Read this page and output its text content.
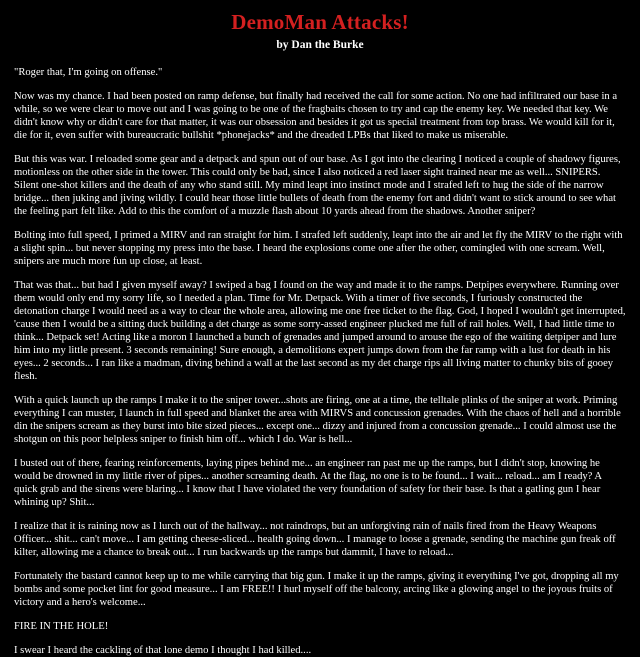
DemoMan Attacks!
by Dan the Burke

"Roger that, I'm going on offense."

Now was my chance. I had been posted on ramp defense, but finally had received the call for some action. No one had infiltrated our base in a while, so we were clear to move out and I was going to be one of the fragbaits chosen to try and cap the enemy key. We needed that key. We didn't know why or didn't care for that matter, it was our obsession and besides it got us special treatment from top brass. We would kill for it, die for it, even suffer with bureaucratic bullshit *phonejacks* and the dreaded LPBs that liked to make us miserable.

But this was war. I reloaded some gear and a detpack and spun out of our base. As I got into the clearing I noticed a couple of shadowy figures, motionless on the other side in the tower. This could only be bad, since I also noticed a red laser sight trained near me as well... SNIPERS. Silent one-shot killers and the death of any who stand still. My mind leapt into instinct mode and I strafed left to hug the side of the narrow bridge... then juking and jiving wildly. I could hear those little bullets of death from the enemy fort and didn't want to stick around to see what the feeling part felt like. Add to this the comfort of a muzzle flash about 10 yards ahead from the shadows. Another sniper?

Bolting into full speed, I primed a MIRV and ran straight for him. I strafed left suddenly, leapt into the air and let fly the MIRV to the right with a slight spin... but never stopping my press into the base. I heard the explosions come one after the other, comingled with one scream. Well, snipers are much more fun up close, at least.

That was that... but had I given myself away? I swiped a bag I found on the way and made it to the ramps. Detpipes everywhere. Running over them would only end my sorry life, so I needed a plan. Time for Mr. Detpack. With a timer of five seconds, I furiously constructed the detonation charge I would need as a way to clear the whole area, allowing me one free ticket to the flag. God, I hoped I wouldn't get interrupted, 'cause then I would be a sitting duck building a det charge as some sorry-assed engineer plucked me full of rail holes. Well, I had little time to think... Detpack set! Acting like a moron I launched a bunch of grenades and jumped around to arouse the ego of the waiting detpiper and lure him into my little present. 3 seconds remaining! Sure enough, a demolitions expert jumps down from the far ramp with a lust for death in his eyes... 2 seconds... I ran like a madman, diving behind a wall at the last second as my det charge rips all living matter to chunky bits of gooey flesh.

With a quick launch up the ramps I make it to the sniper tower...shots are firing, one at a time, the telltale plinks of the sniper at work. Priming everything I can muster, I launch in full speed and blanket the area with MIRVS and concussion grenades. With the chaos of hell and a horrible din the snipers scream as they burst into bite sized pieces... except one... dizzy and injured from a concussion grenade... I could almost use the shotgun on this poor helpless sniper to finish him off... which I do. War is hell...

I busted out of there, fearing reinforcements, laying pipes behind me... an engineer ran past me up the ramps, but I didn't stop, knowing he would be drowned in my little river of pipes... another screaming death. At the flag, no one is to be found... I wait... reload... am I ready? A quick grab and the sirens were blaring... I know that I have violated the very foundation of safety for their base. Is that a gatling gun I hear whining up? Shit...

I realize that it is raining now as I lurch out of the hallway... not raindrops, but an unforgiving rain of nails fired from the Heavy Weapons Officer... shit... can't move... I am getting cheese-sliced... health going down... I manage to loose a grenade, sending the machine gun freak off kilter, allowing me a chance to break out... I run backwards up the ramps but dammit, I have to reload...

Fortunately the bastard cannot keep up to me while carrying that big gun. I make it up the ramps, giving it everything I've got, dropping all my bombs and some pocket lint for good measure... I am FREE!! I hurl myself off the balcony, arcing like a glowing angel to the joyous fruits of victory and a hero's welcome...

FIRE IN THE HOLE!

I swear I heard the cackling of that lone demo I thought I had killed....
